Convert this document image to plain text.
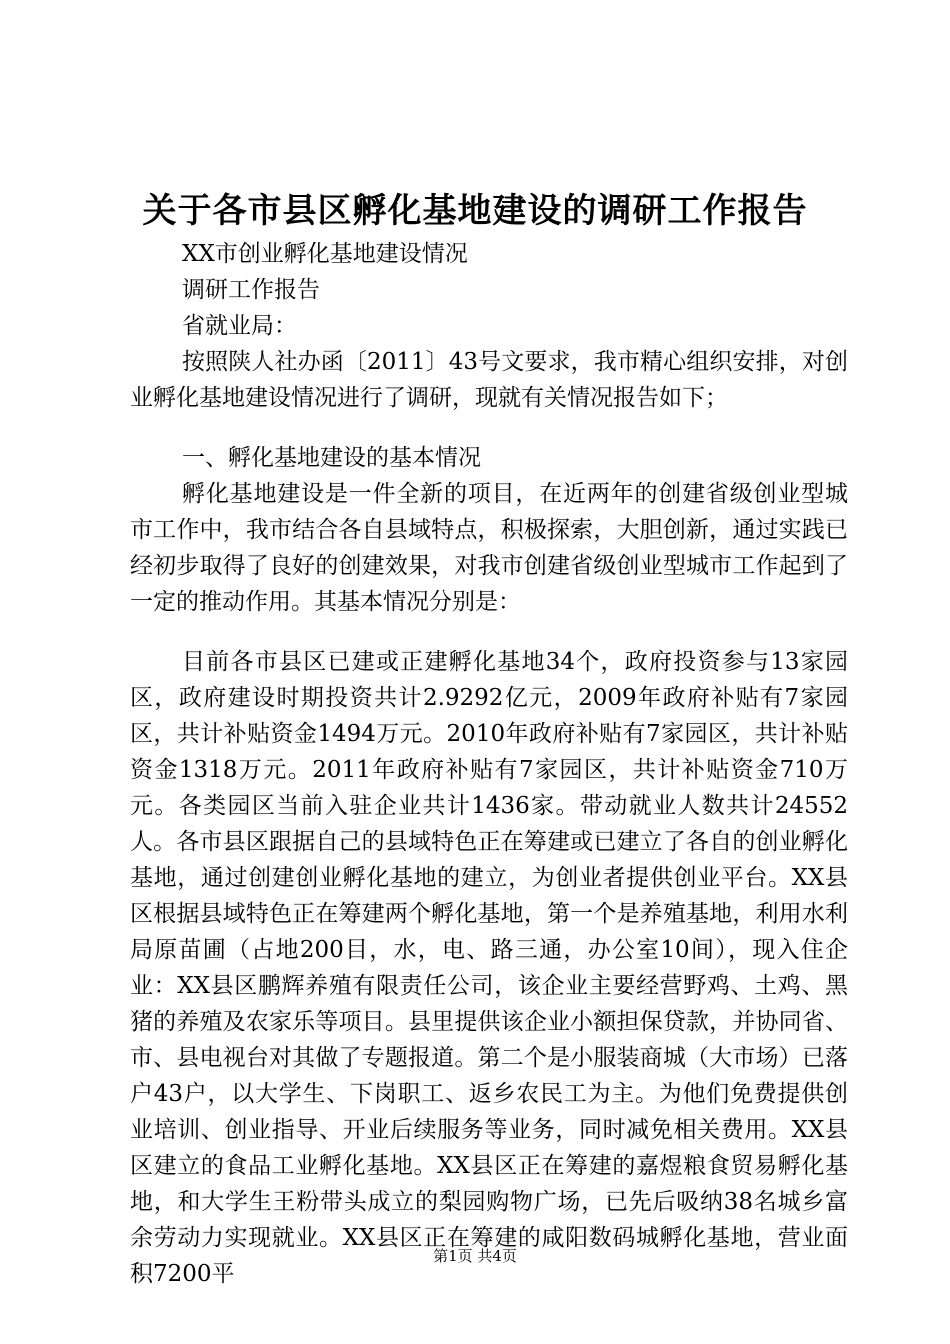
关于各市县区孵化基地建设的调研工作报告

XX市创业孵化基地建设情况

调研工作报告

省就业局：

按照陕人社办函〔2011〕43号文要求，我市精心组织安排，对创业孵化基地建设情况进行了调研，现就有关情况报告如下；

一、孵化基地建设的基本情况

孵化基地建设是一件全新的项目，在近两年的创建省级创业型城市工作中，我市结合各自县域特点，积极探索，大胆创新，通过实践已经初步取得了良好的创建效果，对我市创建省级创业型城市工作起到了一定的推动作用。其基本情况分别是：

目前各市县区已建或正建孵化基地34个，政府投资参与13家园区，政府建设时期投资共计2.9292亿元，2009年政府补贴有7家园区，共计补贴资金1494万元。2010年政府补贴有7家园区，共计补贴资金1318万元。2011年政府补贴有7家园区，共计补贴资金710万元。各类园区当前入驻企业共计1436家。带动就业人数共计24552人。各市县区跟据自己的县域特色正在筹建或已建立了各自的创业孵化基地，通过创建创业孵化基地的建立，为创业者提供创业平台。XX县区根据县域特色正在筹建两个孵化基地，第一个是养殖基地，利用水利局原苗圃（占地200目，水，电、路三通，办公室10间），现入住企业：XX县区鹏辉养殖有限责任公司，该企业主要经营野鸡、土鸡、黑猪的养殖及农家乐等项目。县里提供该企业小额担保贷款，并协同省、市、县电视台对其做了专题报道。第二个是小服装商城（大市场）已落户43户，以大学生、下岗职工、返乡农民工为主。为他们免费提供创业培训、创业指导、开业后续服务等业务，同时减免相关费用。XX县区建立的食品工业孵化基地。XX县区正在筹建的嘉煜粮食贸易孵化基地，和大学生王粉带头成立的梨园购物广场，已先后吸纳38名城乡富余劳动力实现就业。XX县区正在筹建的咸阳数码城孵化基地，营业面积7200平

第1页 共4页
